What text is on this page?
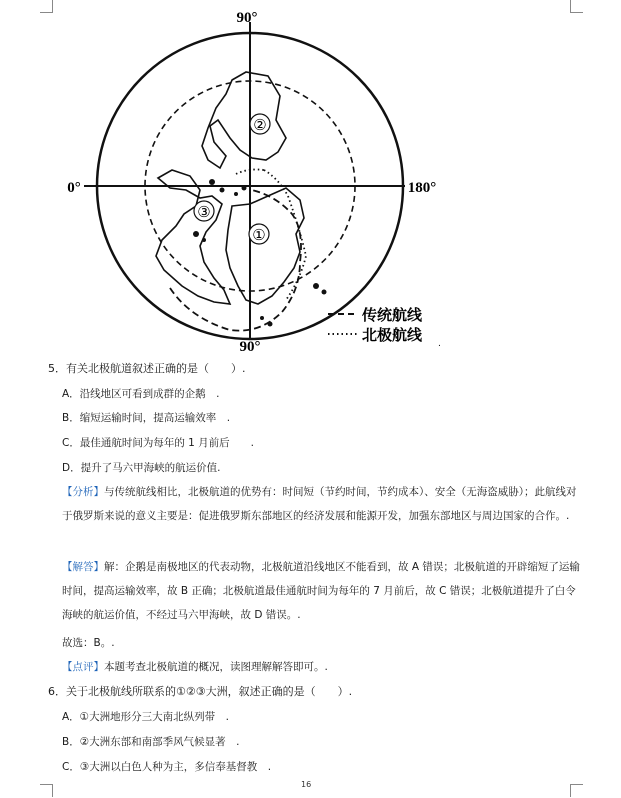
②
①
③
90°
90°
0°	180°
传统航线
北极航线 .
5．有关北极航道叙述正确的是（　　）.
A．沿线地区可看到成群的企鹅　.
B．缩短运输时间，提高运输效率　.
C．最佳通航时间为每年的 1 月前后　　.
D．提升了马六甲海峡的航运价值.
【分析】与传统航线相比，北极航道的优势有：时间短（节约时间，节约成本）、安全（无海盗威胁）；此航线对于俄罗斯来说的意义主要是：促进俄罗斯东部地区的经济发展和能源开发，加强东部地区与周边国家的合作。.
【解答】解：企鹅是南极地区的代表动物，北极航道沿线地区不能看到，故 A 错误；北极航道的开辟缩短了运输时间，提高运输效率，故 B 正确；北极航道最佳通航时间为每年的 7 月前后，故 C 错误；北极航道提升了白令海峡的航运价值，不经过马六甲海峡，故 D 错误。.
故选：B。.
【点评】本题考查北极航道的概况，读图理解解答即可。.
6．关于北极航线所联系的①②③大洲，叙述正确的是（　　）.
A．①大洲地形分三大南北纵列带　.
B．②大洲东部和南部季风气候显著　.
C．③大洲以白色人种为主，多信奉基督教　.
16
